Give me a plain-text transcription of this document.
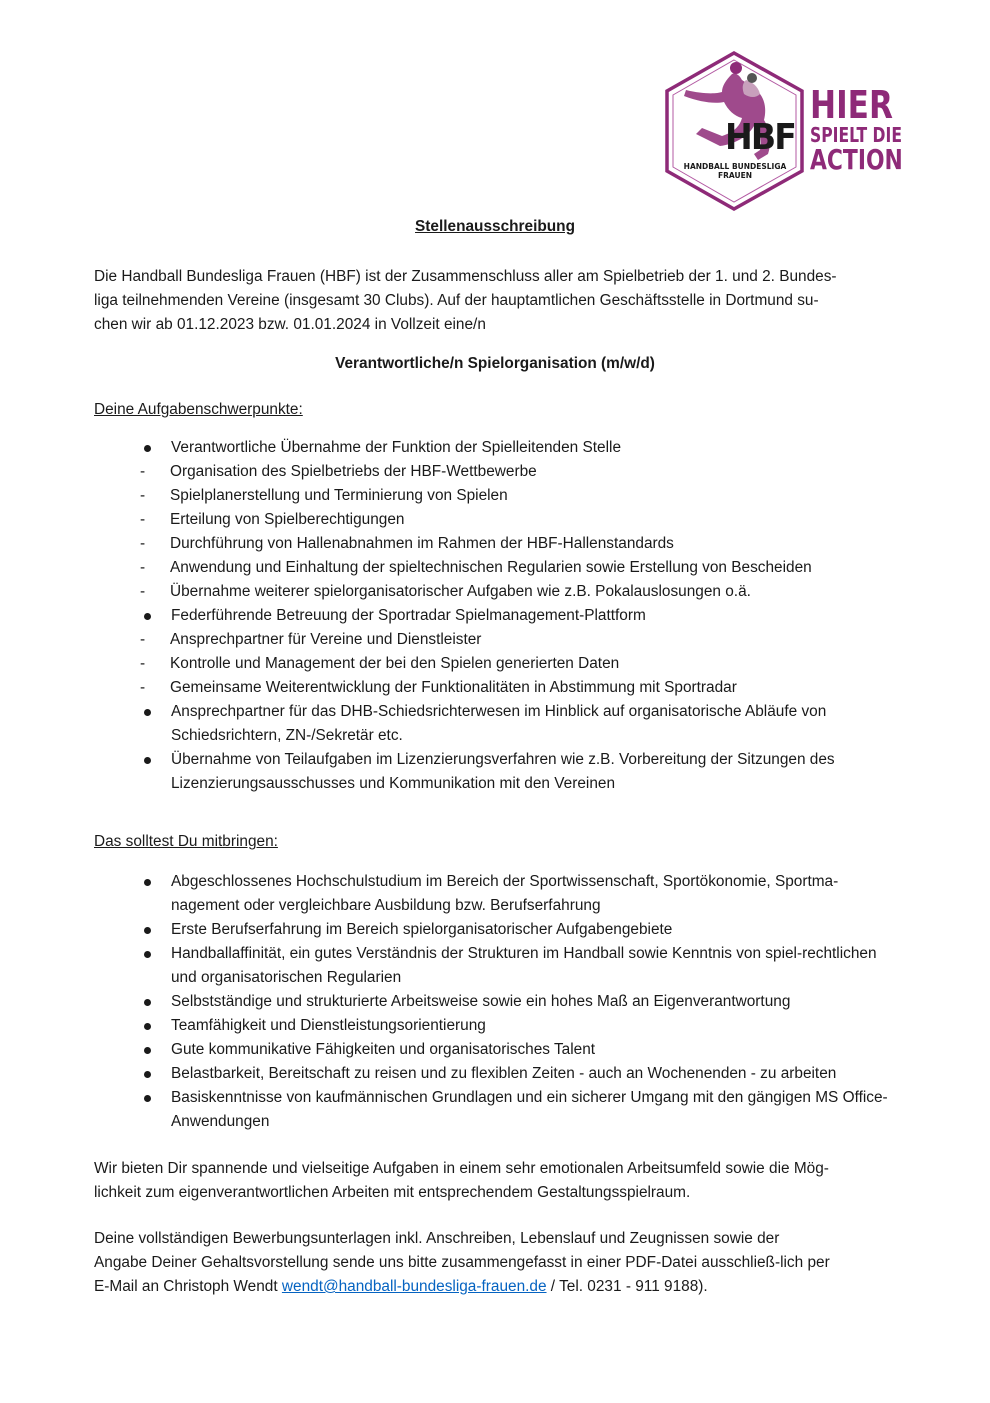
HBF
HANDBALL BUNDESLIGA FRAUEN
HIER
SPIELT DIE
ACTION
Stellenausschreibung
Die Handball Bundesliga Frauen (HBF) ist der Zusammenschluss aller am Spielbetrieb der 1. und 2. Bundes-
liga teilnehmenden Vereine (insgesamt 30 Clubs). Auf der hauptamtlichen Geschäftsstelle in Dortmund su-
chen wir ab 01.12.2023 bzw. 01.01.2024 in Vollzeit eine/n
Verantwortliche/n Spielorganisation (m/w/d)
Deine Aufgabenschwerpunkte:
Verantwortliche Übernahme der Funktion der Spielleitenden Stelle
-	Organisation des Spielbetriebs der HBF-Wettbewerbe
-	Spielplanerstellung und Terminierung von Spielen
-	Erteilung von Spielberechtigungen
-	Durchführung von Hallenabnahmen im Rahmen der HBF-Hallenstandards
-	Anwendung und Einhaltung der spieltechnischen Regularien sowie Erstellung von Bescheiden
-	Übernahme weiterer spielorganisatorischer Aufgaben wie z.B. Pokalauslosungen o.ä.
Federführende Betreuung der Sportradar Spielmanagement-Plattform
-	Ansprechpartner für Vereine und Dienstleister
-	Kontrolle und Management der bei den Spielen generierten Daten
-	Gemeinsame Weiterentwicklung der Funktionalitäten in Abstimmung mit Sportradar
Ansprechpartner für das DHB-Schiedsrichterwesen im Hinblick auf organisatorische Abläufe von Schiedsrichtern, ZN-/Sekretär etc.
Übernahme von Teilaufgaben im Lizenzierungsverfahren wie z.B. Vorbereitung der Sitzungen des Lizenzierungsausschusses und Kommunikation mit den Vereinen
Das solltest Du mitbringen:
Abgeschlossenes Hochschulstudium im Bereich der Sportwissenschaft, Sportökonomie, Sportma-nagement oder vergleichbare Ausbildung bzw. Berufserfahrung
Erste Berufserfahrung im Bereich spielorganisatorischer Aufgabengebiete
Handballaffinität, ein gutes Verständnis der Strukturen im Handball sowie Kenntnis von spiel-rechtlichen und organisatorischen Regularien
Selbstständige und strukturierte Arbeitsweise sowie ein hohes Maß an Eigenverantwortung
Teamfähigkeit und Dienstleistungsorientierung
Gute kommunikative Fähigkeiten und organisatorisches Talent
Belastbarkeit, Bereitschaft zu reisen und zu flexiblen Zeiten - auch an Wochenenden - zu arbeiten
Basiskenntnisse von kaufmännischen Grundlagen und ein sicherer Umgang mit den gängigen MS Office-Anwendungen
Wir bieten Dir spannende und vielseitige Aufgaben in einem sehr emotionalen Arbeitsumfeld sowie die Mög-
lichkeit zum eigenverantwortlichen Arbeiten mit entsprechendem Gestaltungsspielraum.
Deine vollständigen Bewerbungsunterlagen inkl. Anschreiben, Lebenslauf und Zeugnissen sowie der
Angabe Deiner Gehaltsvorstellung sende uns bitte zusammengefasst in einer PDF-Datei ausschließ-lich per
E-Mail an Christoph Wendt wendt@handball-bundesliga-frauen.de / Tel. 0231 - 911 9188).
